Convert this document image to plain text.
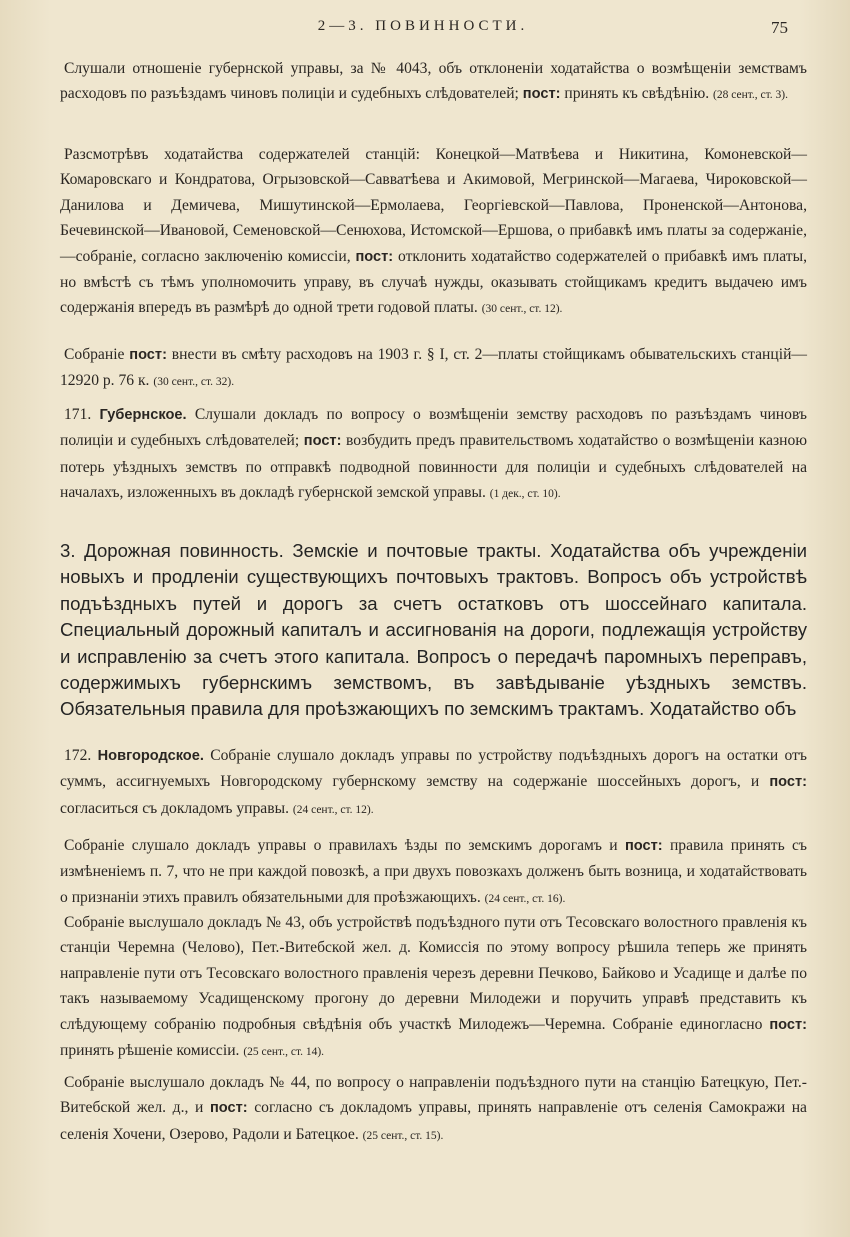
2—3. ПОВИННОСТИ.	75

Слушали отношеніе губернской управы, за № 4043, объ отклоненіи ходатайства о возмѣщеніи земствамъ расходовъ по разъѣздамъ чиновъ полиціи и судебныхъ слѣдователей; пост: принять къ свѣдѣнію. (28 сент., ст. 3).

Разсмотрѣвъ ходатайства содержателей станцій: Конецкой—Матвѣева и Никитина, Комоневской—Комаровскаго и Кондратова, Огрызовской—Савватѣева и Акимовой, Мегринской—Магаева, Чироковской—Данилова и Демичева, Мишутинской—Ермолаева, Георгіевской—Павлова, Проненской—Антонова, Бечевинской—Ивановой, Семеновской—Сенюхова, Истомской—Ершова, о прибавкѣ имъ платы за содержаніе,—собраніе, согласно заключенію комиссіи, пост: отклонить ходатайство содержателей о прибавкѣ имъ платы, но вмѣстѣ съ тѣмъ уполномочить управу, въ случаѣ нужды, оказывать стойщикамъ кредитъ выдачею имъ содержанія впередъ въ размѣрѣ до одной трети годовой платы. (30 сент., ст. 12).

Собраніе пост: внести въ смѣту расходовъ на 1903 г. § I, ст. 2—платы стойщикамъ обывательскихъ станцій—12920 р. 76 к. (30 сент., ст. 32).

171. Губернское. Слушали докладъ по вопросу о возмѣщеніи земству расходовъ по разъѣздамъ чиновъ полиціи и судебныхъ слѣдователей; пост: возбудить предъ правительствомъ ходатайство о возмѣщеніи казною потерь уѣздныхъ земствъ по отправкѣ подводной повинности для полиціи и судебныхъ слѣдователей на началахъ, изложенныхъ въ докладѣ губернской земской управы. (1 дек., ст. 10).

3. Дорожная повинность. Земскіе и почтовые тракты. Ходатайства объ учрежденіи новыхъ и продленіи существующихъ почтовыхъ трактовъ. Вопросъ объ устройствѣ подъѣздныхъ путей и дорогъ за счетъ остатковъ отъ шоссейнаго капитала. Специальный дорожный капиталъ и ассигнованія на дороги, подлежащія устройству и исправленію за счетъ этого капитала. Вопросъ о передачѣ паромныхъ переправъ, содержимыхъ губернскимъ земствомъ, въ завѣдываніе уѣздныхъ земствъ. Обязательныя правила для проѣзжающихъ по земскимъ трактамъ. Ходатайство объ

172. Новгородское. Собраніе слушало докладъ управы по устройству подъѣздныхъ дорогъ на остатки отъ суммъ, ассигнуемыхъ Новгородскому губернскому земству на содержаніе шоссейныхъ дорогъ, и пост: согласиться съ докладомъ управы. (24 сент., ст. 12).

Собраніе слушало докладъ управы о правилахъ ѣзды по земскимъ дорогамъ и пост: правила принять съ измѣненіемъ п. 7, что не при каждой повозкѣ, а при двухъ повозкахъ долженъ быть возница, и ходатайствовать о признаніи этихъ правилъ обязательными для проѣзжающихъ. (24 сент., ст. 16).

Собраніе выслушало докладъ № 43, объ устройствѣ подъѣздного пути отъ Тесовскаго волостного правленія къ станціи Черемна (Челово), Пет.-Витебской жел. д. Комиссія по этому вопросу рѣшила теперь же принять направленіе пути отъ Тесовскаго волостного правленія черезъ деревни Печково, Байково и Усадище и далѣе по такъ называемому Усадищенскому прогону до деревни Милодежи и поручить управѣ представить къ слѣдующему собранію подробныя свѣдѣнія объ участкѣ Милодежъ—Черемна. Собраніе единогласно пост: принять рѣшеніе комиссіи. (25 сент., ст. 14).

Собраніе выслушало докладъ № 44, по вопросу о направленіи подъѣздного пути на станцію Батецкую, Пет.-Витебской жел. д., и пост: согласно съ докладомъ управы, принять направленіе отъ селенія Самокражи на селенія Хочени, Озерово, Радоли и Батецкое. (25 сент., ст. 15).
